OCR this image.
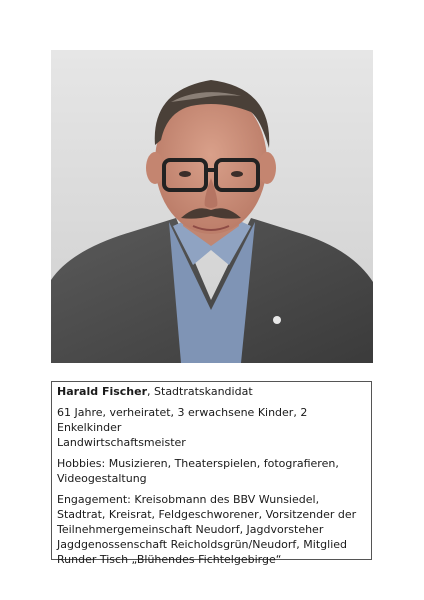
Harald Fischer, Stadtratskandidat

61 Jahre, verheiratet, 3 erwachsene Kinder, 2 Enkelkinder
Landwirtschaftsmeister

Hobbies: Musizieren, Theaterspielen, fotografieren, Videogestaltung

Engagement: Kreisobmann des BBV Wunsiedel, Stadtrat, Kreisrat, Feldgeschworener, Vorsitzender der Teilnehmergemeinschaft Neudorf, Jagdvorsteher Jagdgenossenschaft Reicholdsgrün/Neudorf, Mitglied Runder Tisch „Blühendes Fichtelgebirge“
